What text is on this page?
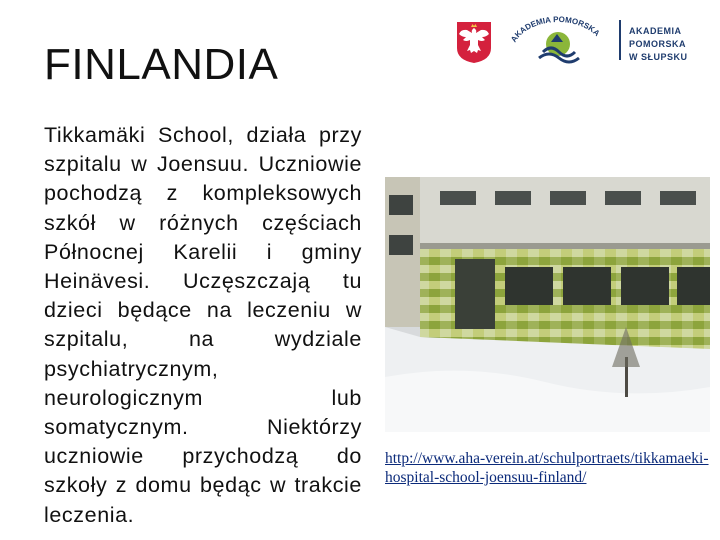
FINLANDIA
Tikkamäki School, działa przy szpitalu w Joensuu. Uczniowie pochodzą z kompleksowych szkół w różnych częściach Północnej Karelii i gminy Heinävesi. Uczęszczają tu dzieci będące na leczeniu w szpitalu, na wydziale psychiatrycznym, neurologicznym lub somatycznym. Niektórzy uczniowie przychodzą do szkoły z domu będąc w trakcie leczenia.
AKADEMIA POMORSKA	AKADEMIA POMORSKA
W SŁUPSKU
http://www.aha-verein.at/schulportraets/tikkamaeki-hospital-school-joensuu-finland/
